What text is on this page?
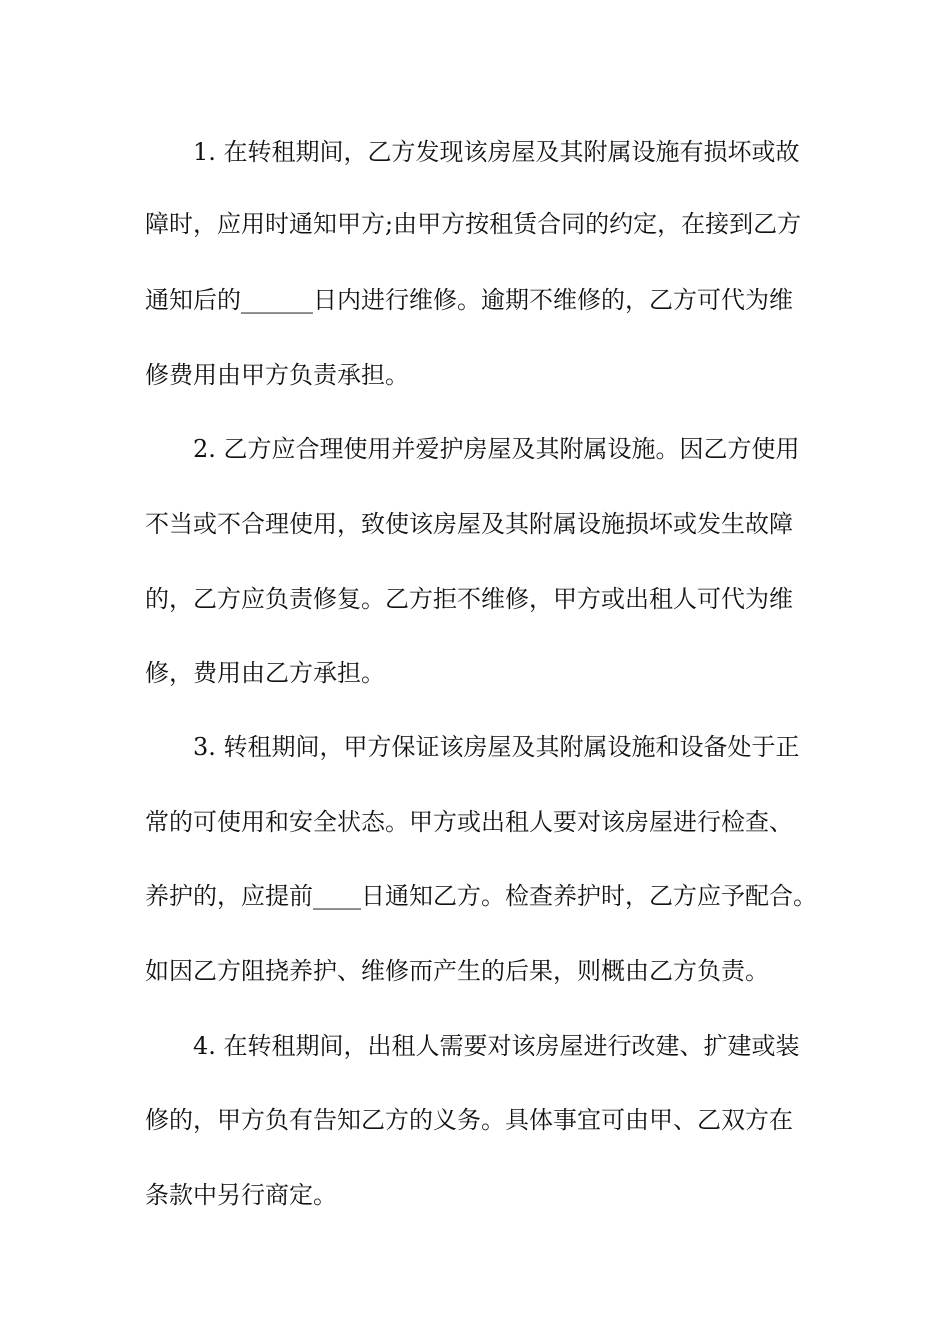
1. 在转租期间，乙方发现该房屋及其附属设施有损坏或故

障时，应用时通知甲方;由甲方按租赁合同的约定，在接到乙方

通知后的______日内进行维修。逾期不维修的，乙方可代为维

修费用由甲方负责承担。

2. 乙方应合理使用并爱护房屋及其附属设施。因乙方使用

不当或不合理使用，致使该房屋及其附属设施损坏或发生故障

的，乙方应负责修复。乙方拒不维修，甲方或出租人可代为维

修，费用由乙方承担。

3. 转租期间，甲方保证该房屋及其附属设施和设备处于正

常的可使用和安全状态。甲方或出租人要对该房屋进行检查、

养护的，应提前____日通知乙方。检查养护时，乙方应予配合。

如因乙方阻挠养护、维修而产生的后果，则概由乙方负责。

4. 在转租期间，出租人需要对该房屋进行改建、扩建或装

修的，甲方负有告知乙方的义务。具体事宜可由甲、乙双方在

条款中另行商定。
